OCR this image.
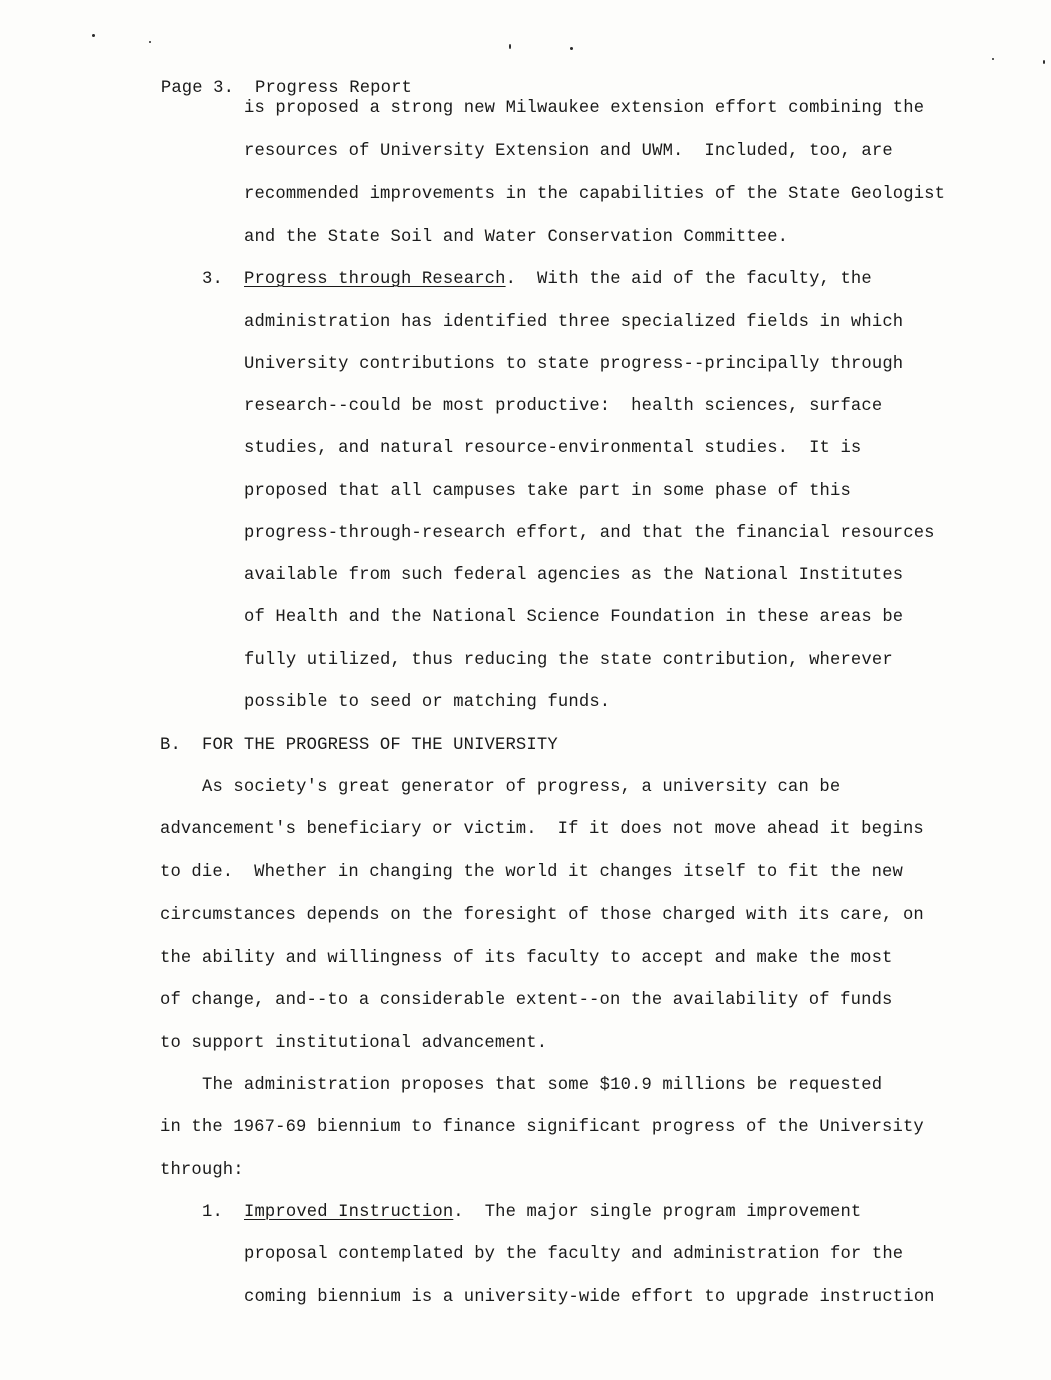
Page 3. Progress Report

is proposed a strong new Milwaukee extension effort combining the
resources of University Extension and UWM.  Included, too, are
recommended improvements in the capabilities of the State Geologist
and the State Soil and Water Conservation Committee.
3. Progress through Research.  With the aid of the faculty, the
administration has identified three specialized fields in which
University contributions to state progress--principally through
research--could be most productive:  health sciences, surface
studies, and natural resource-environmental studies.  It is
proposed that all campuses take part in some phase of this
progress-through-research effort, and that the financial resources
available from such federal agencies as the National Institutes
of Health and the National Science Foundation in these areas be
fully utilized, thus reducing the state contribution, wherever
possible to seed or matching funds.
B. FOR THE PROGRESS OF THE UNIVERSITY
As society's great generator of progress, a university can be
advancement's beneficiary or victim.  If it does not move ahead it begins
to die.  Whether in changing the world it changes itself to fit the new
circumstances depends on the foresight of those charged with its care, on
the ability and willingness of its faculty to accept and make the most
of change, and--to a considerable extent--on the availability of funds
to support institutional advancement.
The administration proposes that some $10.9 millions be requested
in the 1967-69 biennium to finance significant progress of the University
through:
1. Improved Instruction.  The major single program improvement
proposal contemplated by the faculty and administration for the
coming biennium is a university-wide effort to upgrade instruction
